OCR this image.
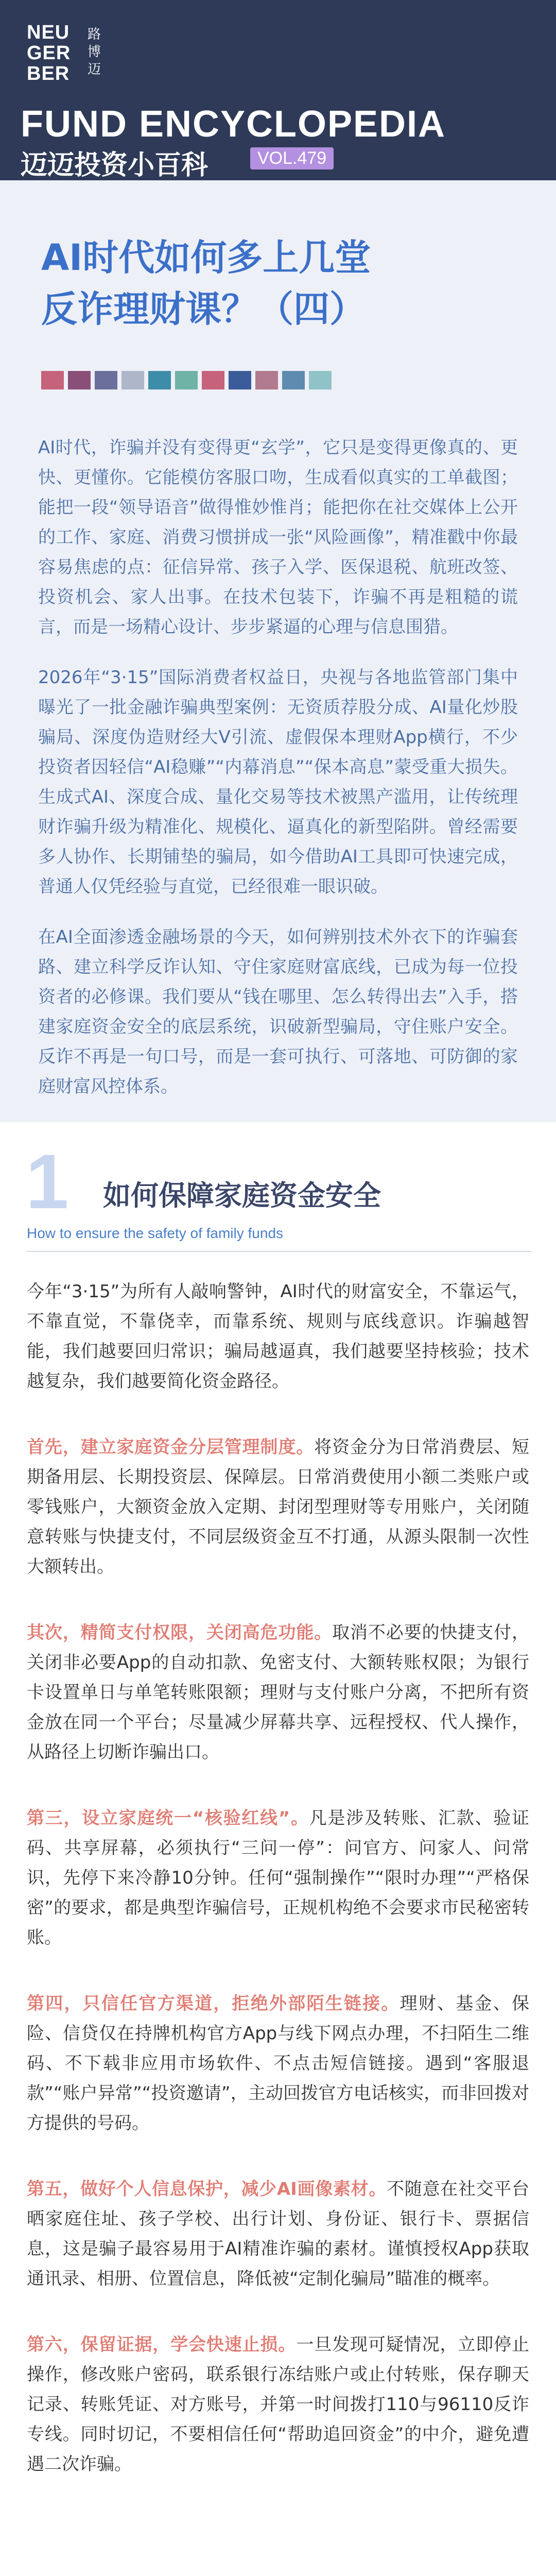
NEU
GER
BER
路
博
迈
FUND ENCYCLOPEDIA
迈迈投资小百科	VOL.479
AI时代如何多上几堂
反诈理财课？（四）

AI时代，诈骗并没有变得更“玄学”，它只是变得更像真的、更快、更懂你。它能模仿客服口吻，生成看似真实的工单截图；能把一段“领导语音”做得惟妙惟肖；能把你在社交媒体上公开的工作、家庭、消费习惯拼成一张“风险画像”，精准戳中你最容易焦虑的点：征信异常、孩子入学、医保退税、航班改签、投资机会、家人出事。在技术包装下，诈骗不再是粗糙的谎言，而是一场精心设计、步步紧逼的心理与信息围猎。

2026年“3·15”国际消费者权益日，央视与各地监管部门集中曝光了一批金融诈骗典型案例：无资质荐股分成、AI量化炒股骗局、深度伪造财经大V引流、虚假保本理财App横行，不少投资者因轻信“AI稳赚”“内幕消息”“保本高息”蒙受重大损失。生成式AI、深度合成、量化交易等技术被黑产滥用，让传统理财诈骗升级为精准化、规模化、逼真化的新型陷阱。曾经需要多人协作、长期铺垫的骗局，如今借助AI工具即可快速完成，普通人仅凭经验与直觉，已经很难一眼识破。

在AI全面渗透金融场景的今天，如何辨别技术外衣下的诈骗套路、建立科学反诈认知、守住家庭财富底线，已成为每一位投资者的必修课。我们要从“钱在哪里、怎么转得出去”入手，搭建家庭资金安全的底层系统，识破新型骗局，守住账户安全。反诈不再是一句口号，而是一套可执行、可落地、可防御的家庭财富风控体系。

1 如何保障家庭资金安全
How to ensure the safety of family funds

今年“3·15”为所有人敲响警钟，AI时代的财富安全，不靠运气，不靠直觉，不靠侥幸，而靠系统、规则与底线意识。诈骗越智能，我们越要回归常识；骗局越逼真，我们越要坚持核验；技术越复杂，我们越要简化资金路径。

首先，建立家庭资金分层管理制度。将资金分为日常消费层、短期备用层、长期投资层、保障层。日常消费使用小额二类账户或零钱账户，大额资金放入定期、封闭型理财等专用账户，关闭随意转账与快捷支付，不同层级资金互不打通，从源头限制一次性大额转出。

其次，精简支付权限，关闭高危功能。取消不必要的快捷支付，关闭非必要App的自动扣款、免密支付、大额转账权限；为银行卡设置单日与单笔转账限额；理财与支付账户分离，不把所有资金放在同一个平台；尽量减少屏幕共享、远程授权、代人操作，从路径上切断诈骗出口。

第三，设立家庭统一“核验红线”。凡是涉及转账、汇款、验证码、共享屏幕，必须执行“三问一停”：问官方、问家人、问常识，先停下来冷静10分钟。任何“强制操作”“限时办理”“严格保密”的要求，都是典型诈骗信号，正规机构绝不会要求市民秘密转账。

第四，只信任官方渠道，拒绝外部陌生链接。理财、基金、保险、信贷仅在持牌机构官方App与线下网点办理，不扫陌生二维码、不下载非应用市场软件、不点击短信链接。遇到“客服退款”“账户异常”“投资邀请”，主动回拨官方电话核实，而非回拨对方提供的号码。

第五，做好个人信息保护，减少AI画像素材。不随意在社交平台晒家庭住址、孩子学校、出行计划、身份证、银行卡、票据信息，这是骗子最容易用于AI精准诈骗的素材。谨慎授权App获取通讯录、相册、位置信息，降低被“定制化骗局”瞄准的概率。

第六，保留证据，学会快速止损。一旦发现可疑情况，立即停止操作，修改账户密码，联系银行冻结账户或止付转账，保存聊天记录、转账凭证、对方账号，并第一时间拨打110与96110反诈专线。同时切记，不要相信任何“帮助追回资金”的中介，避免遭遇二次诈骗。
